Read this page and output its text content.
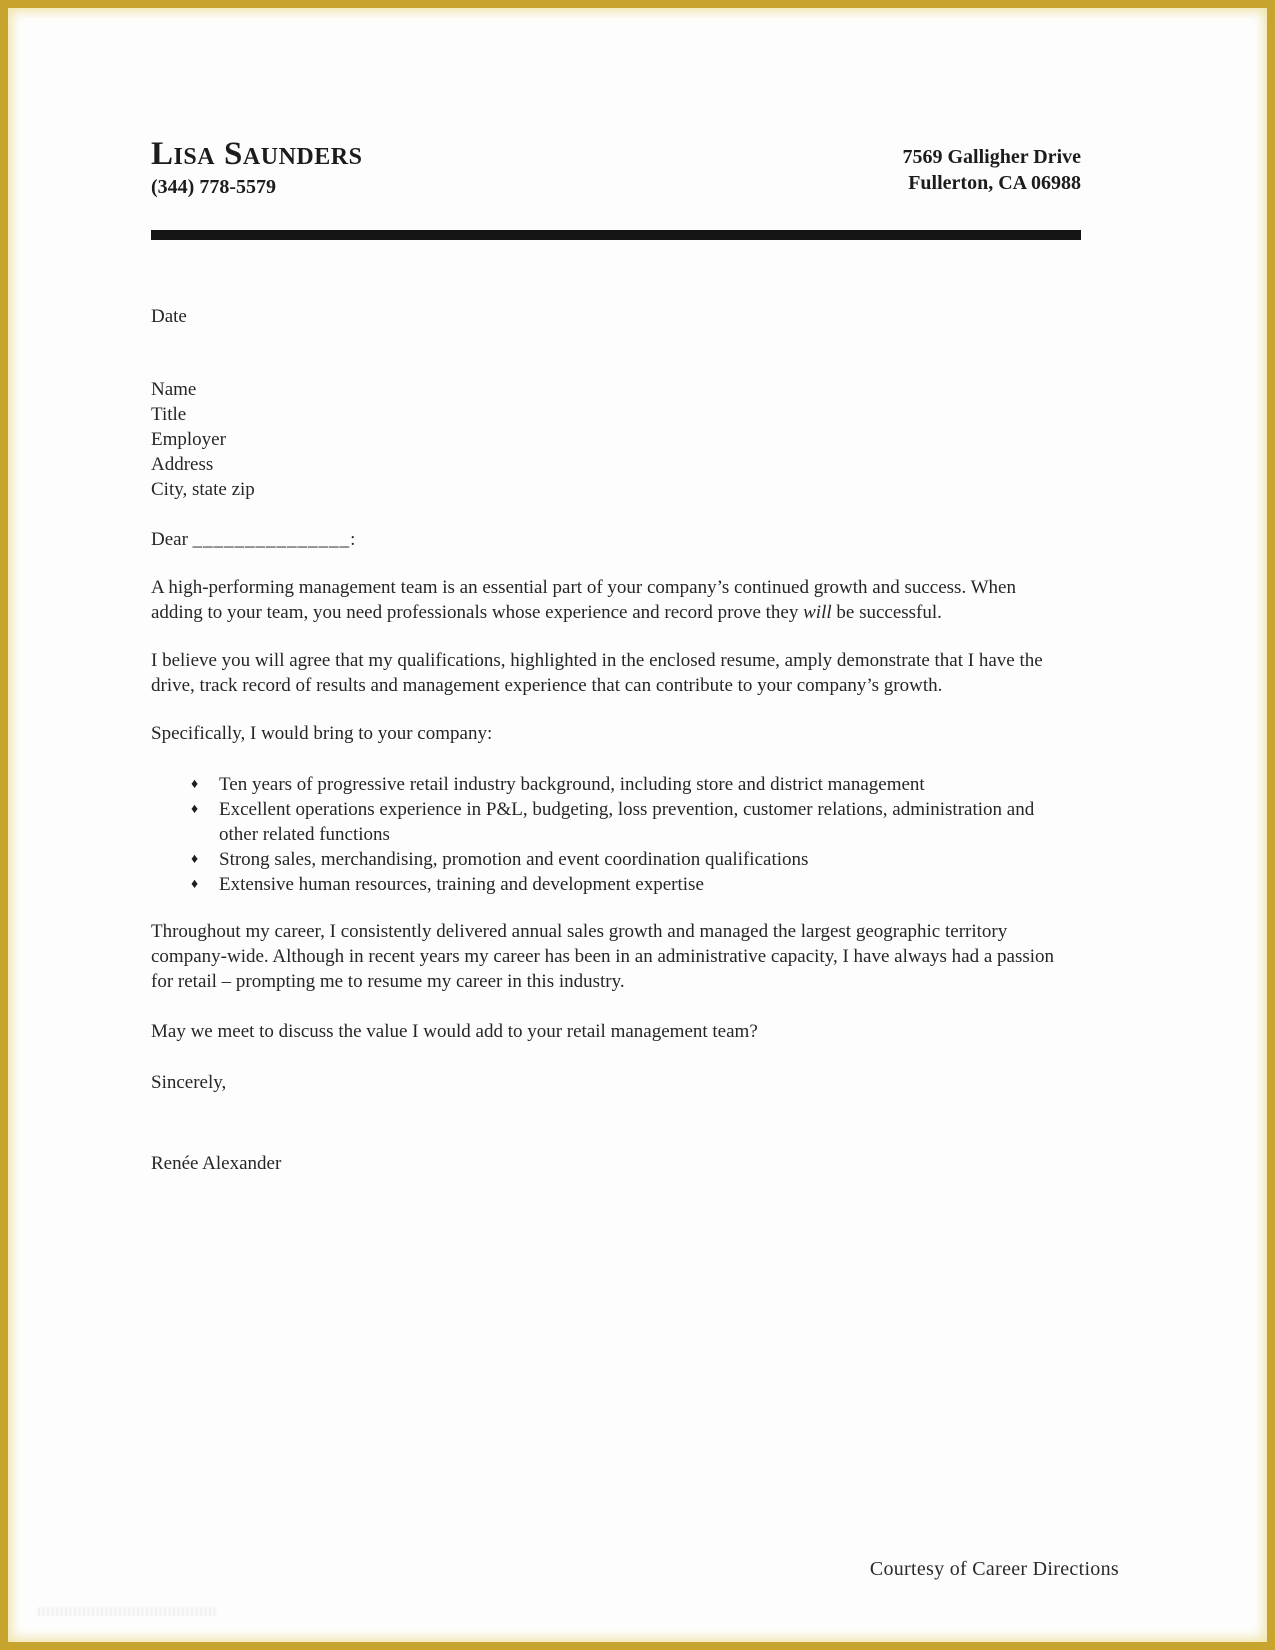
LISA SAUNDERS
(344) 778-5579
7569 Galligher Drive
Fullerton, CA 06988
Date
Name
Title
Employer
Address
City, state zip
Dear _______________:

A high-performing management team is an essential part of your company’s continued growth and success. When adding to your team, you need professionals whose experience and record prove they will be successful.

I believe you will agree that my qualifications, highlighted in the enclosed resume, amply demonstrate that I have the drive, track record of results and management experience that can contribute to your company’s growth.

Specifically, I would bring to your company:

♦	Ten years of progressive retail industry background, including store and district management
♦	Excellent operations experience in P&L, budgeting, loss prevention, customer relations, administration and other related functions
♦	Strong sales, merchandising, promotion and event coordination qualifications
♦	Extensive human resources, training and development expertise

Throughout my career, I consistently delivered annual sales growth and managed the largest geographic territory company-wide. Although in recent years my career has been in an administrative capacity, I have always had a passion for retail – prompting me to resume my career in this industry.

May we meet to discuss the value I would add to your retail management team?

Sincerely,

Renée Alexander

Courtesy of Career Directions
